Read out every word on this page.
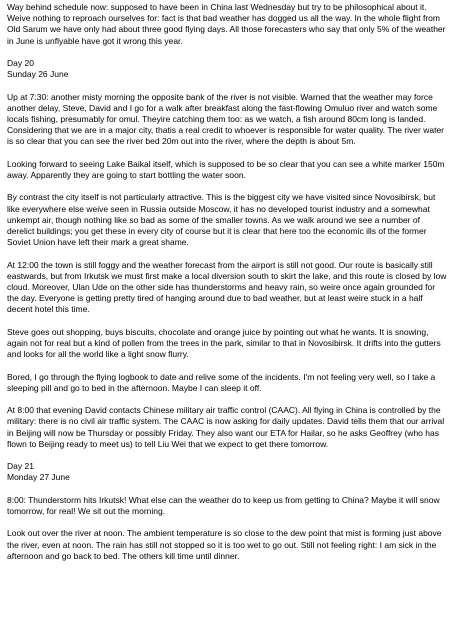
Way behind schedule now: supposed to have been in China last Wednesday but try to be philosophical about it. Weive nothing to reproach ourselves for: fact is that bad weather has dogged us all the way. In the whole flight from Old Sarum we have only had about three good flying days. All those forecasters who say that only 5% of the weather in June is unflyable have got it wrong this year.

Day 20

Sunday 26 June

Up at 7:30: another misty morning the opposite bank of the river is not visible. Warned that the weather may force another delay, Steve, David and I go for a walk after breakfast along the fast-flowing Omuluo river and watch some locals fishing, presumably for omul. Theyire catching them too: as we watch, a fish around 80cm long is landed. Considering that we are in a major city, thatis a real credit to whoever is responsible for water quality. The river water is so clear that you can see the river bed 20m out into the river, where the depth is about 5m.

Looking forward to seeing Lake Baikal itself, which is supposed to be so clear that you can see a white marker 150m away. Apparently they are going to start bottling the water soon.

By contrast the city itself is not particularly attractive. This is the biggest city we have visited since Novosibirsk, but like everywhere else weive seen in Russia outside Moscow, it has no developed tourist industry and a somewhat unkempt air, though nothing like so bad as some of the smaller towns. As we walk around we see a number of derelict buildings; you get these in every city of course but it is clear that here too the economic ills of the former Soviet Union have left their mark a great shame.

At 12:00 the town is still foggy and the weather forecast from the airport is still not good. Our route is basically still eastwards, but from Irkutsk we must first make a local diversion south to skirt the lake, and this route is closed by low cloud. Moreover, Ulan Ude on the other side has thunderstorms and heavy rain, so weire once again grounded for the day. Everyone is getting pretty tired of hanging around due to bad weather, but at least weire stuck in a half decent hotel this time.

Steve goes out shopping, buys biscuits, chocolate and orange juice by pointing out what he wants. It is snowing, again not for real but a kind of pollen from the trees in the park, similar to that in Novosibirsk. It drifts into the gutters and looks for all the world like a light snow flurry.

Bored, I go through the flying logbook to date and relive some of the incidents. I'm not feeling very well, so I take a sleeping pill and go to bed in the afternoon. Maybe I can sleep it off.

At 8:00 that evening David contacts Chinese military air traffic control (CAAC). All flying in China is controlled by the military: there is no civil air traffic system. The CAAC is now asking for daily updates. David tells them that our arrival in Beijing will now be Thursday or possibly Friday. They also want our ETA for Hailar, so he asks Geoffrey (who has flown to Beijing ready to meet us) to tell Liu Wei that we expect to get there tomorrow.

Day 21

Monday 27 June

8:00: Thunderstorm hits Irkutsk! What else can the weather do to keep us from getting to China? Maybe it will snow tomorrow, for real! We sit out the morning.

Look out over the river at noon. The ambient temperature is so close to the dew point that mist is forming just above the river, even at noon. The rain has still not stopped so it is too wet to go out. Still not feeling right: I am sick in the afternoon and go back to bed. The others kill time until dinner.
